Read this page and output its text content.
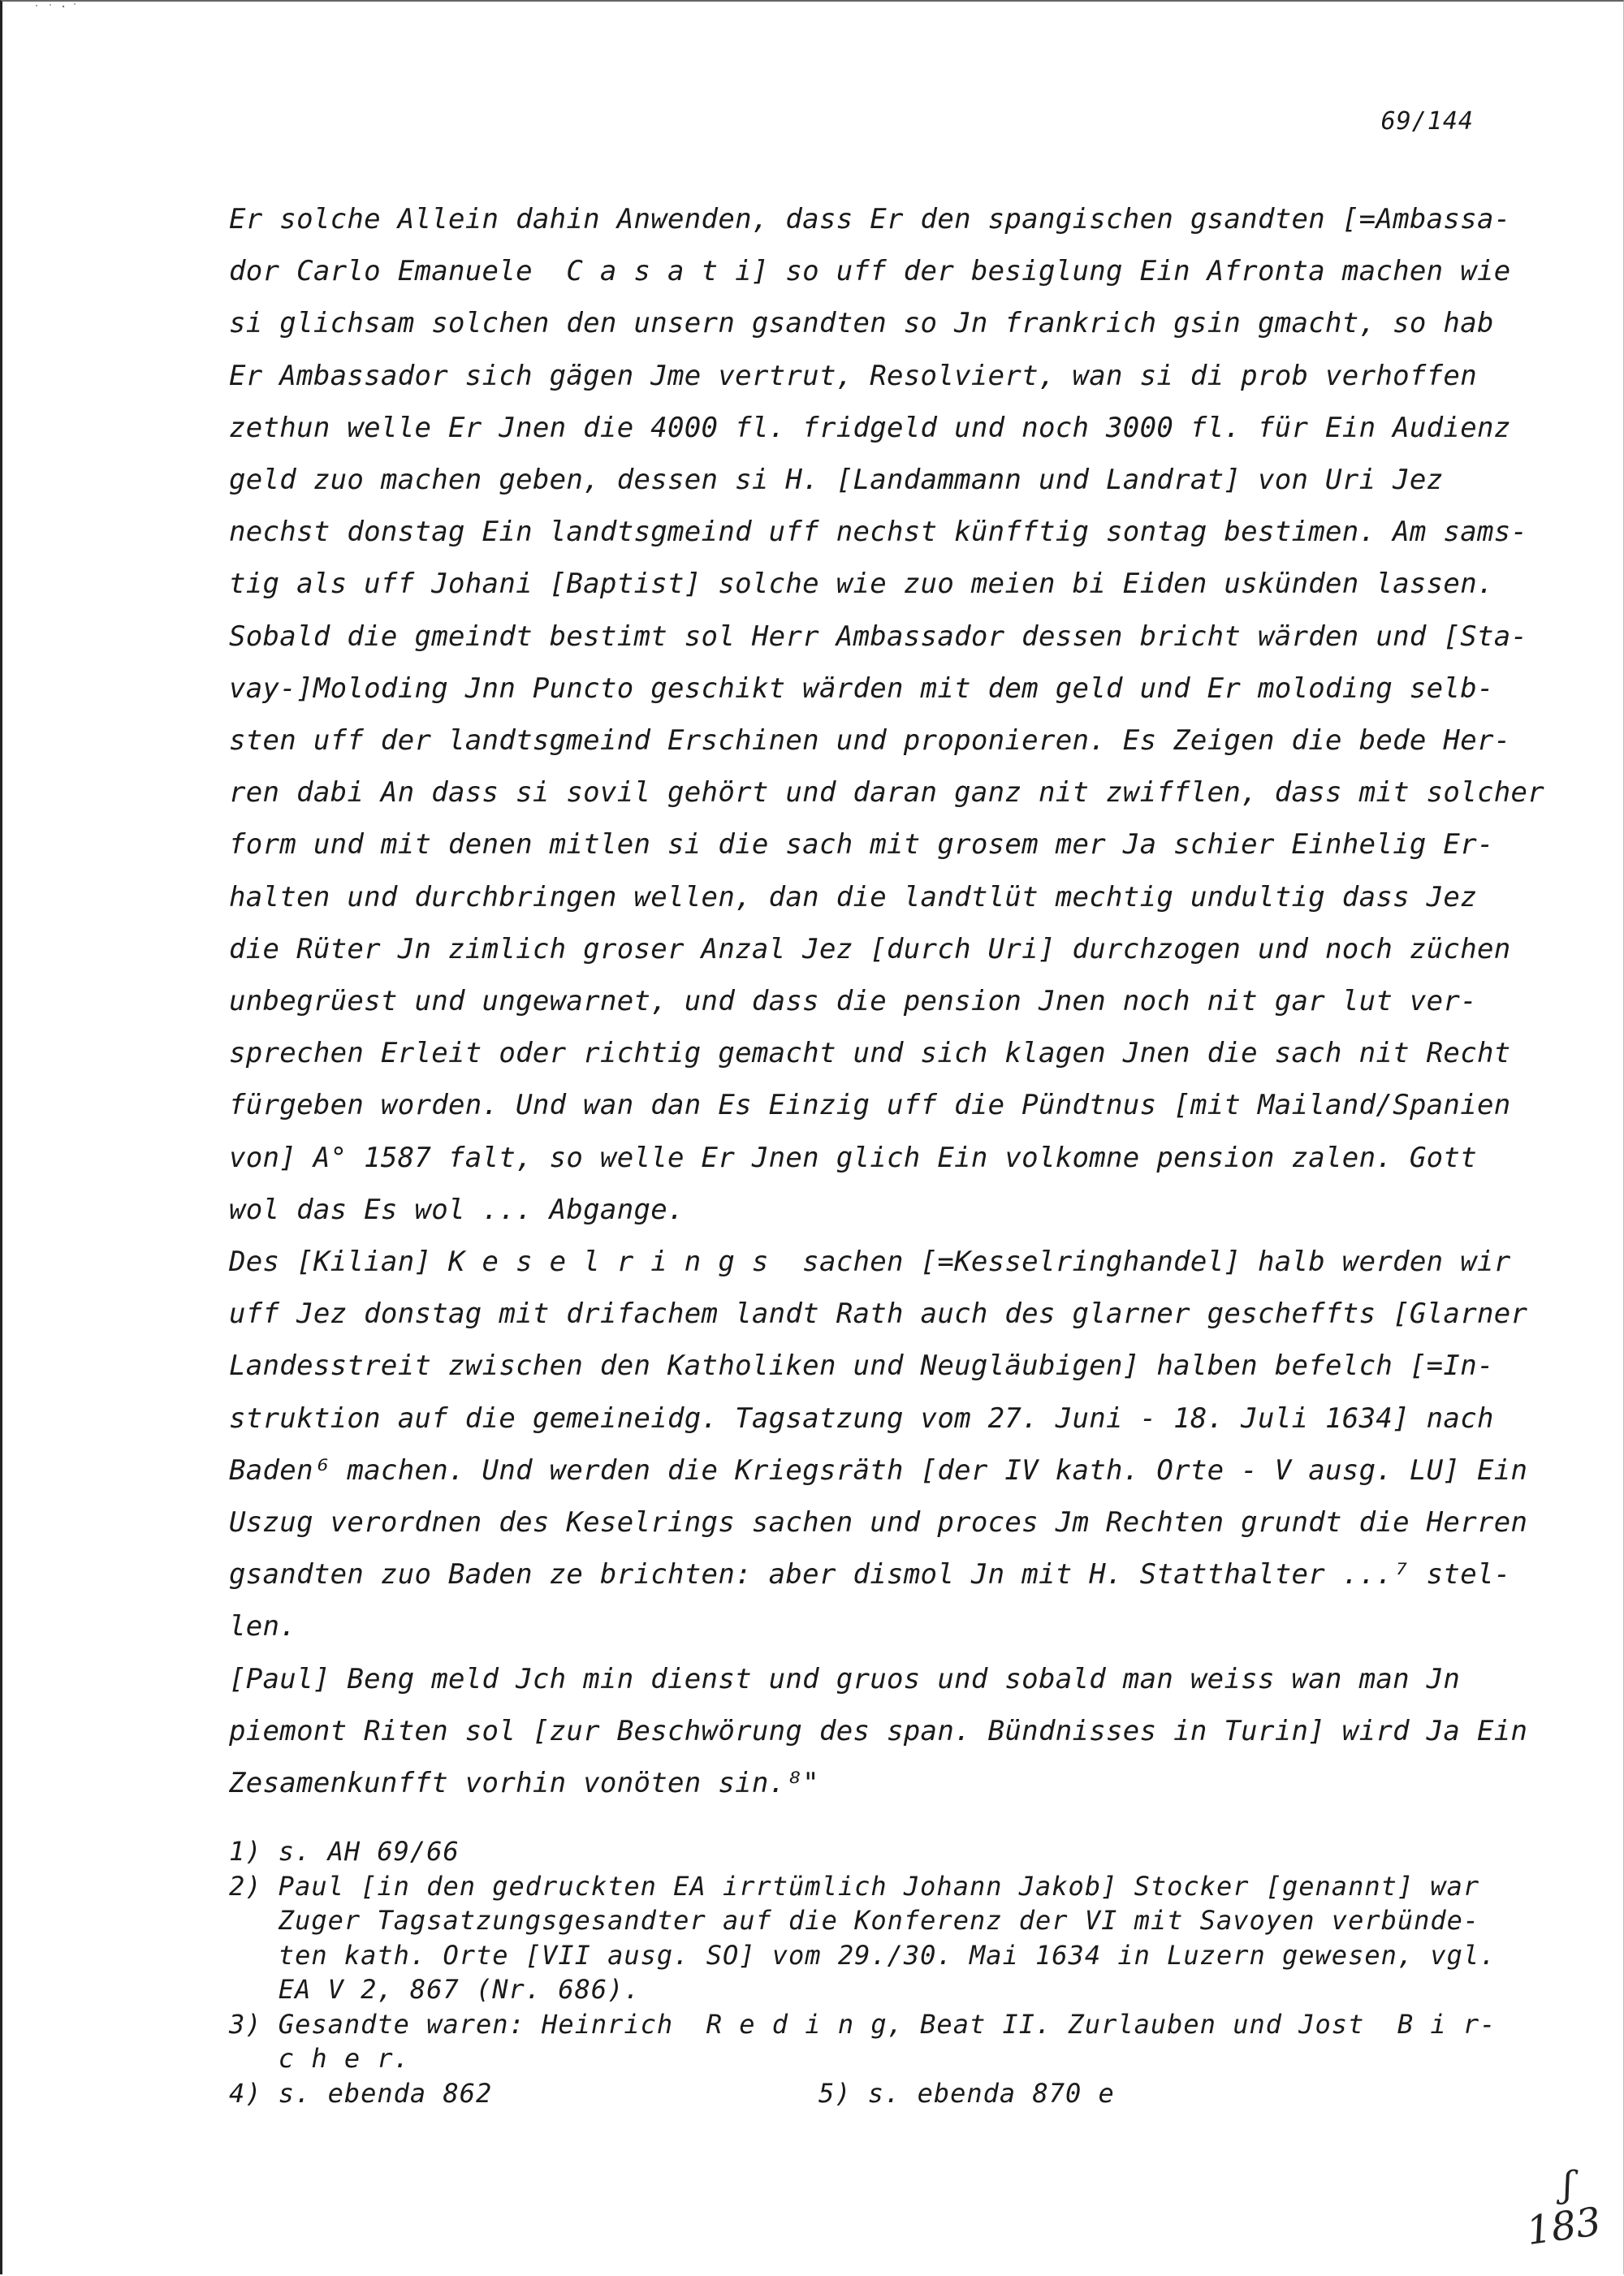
69/144
Er solche Allein dahin Anwenden, dass Er den spangischen gsandten [=Ambassa-
dor Carlo Emanuele  C a s a t i] so uff der besiglung Ein Afronta machen wie
si glichsam solchen den unsern gsandten so Jn frankrich gsin gmacht, so hab
Er Ambassador sich gägen Jme vertrut, Resolviert, wan si di prob verhoffen
zethun welle Er Jnen die 4000 fl. fridgeld und noch 3000 fl. für Ein Audienz
geld zuo machen geben, dessen si H. [Landammann und Landrat] von Uri Jez
nechst donstag Ein landtsgmeind uff nechst künfftig sontag bestimen. Am sams-
tig als uff Johani [Baptist] solche wie zuo meien bi Eiden uskünden lassen.
Sobald die gmeindt bestimt sol Herr Ambassador dessen bricht wärden und [Sta-
vay-]Moloding Jnn Puncto geschikt wärden mit dem geld und Er moloding selb-
sten uff der landtsgmeind Erschinen und proponieren. Es Zeigen die bede Her-
ren dabi An dass si sovil gehört und daran ganz nit zwifflen, dass mit solcher
form und mit denen mitlen si die sach mit grosem mer Ja schier Einhelig Er-
halten und durchbringen wellen, dan die landtlüt mechtig undultig dass Jez
die Rüter Jn zimlich groser Anzal Jez [durch Uri] durchzogen und noch züchen
unbegrüest und ungewarnet, und dass die pension Jnen noch nit gar lut ver-
sprechen Erleit oder richtig gemacht und sich klagen Jnen die sach nit Recht
fürgeben worden. Und wan dan Es Einzig uff die Pündtnus [mit Mailand/Spanien
von] A° 1587 falt, so welle Er Jnen glich Ein volkomne pension zalen. Gott
wol das Es wol ... Abgange.
Des [Kilian] K e s e l r i n g s  sachen [=Kesselringhandel] halb werden wir
uff Jez donstag mit drifachem landt Rath auch des glarner gescheffts [Glarner
Landesstreit zwischen den Katholiken und Neugläubigen] halben befelch [=In-
struktion auf die gemeineidg. Tagsatzung vom 27. Juni - 18. Juli 1634] nach
Baden⁶ machen. Und werden die Kriegsräth [der IV kath. Orte - V ausg. LU] Ein
Uszug verordnen des Keselrings sachen und proces Jm Rechten grundt die Herren
gsandten zuo Baden ze brichten: aber dismol Jn mit H. Statthalter ...⁷ stel-
len.
[Paul] Beng meld Jch min dienst und gruos und sobald man weiss wan man Jn
piemont Riten sol [zur Beschwörung des span. Bündnisses in Turin] wird Ja Ein
Zesamenkunfft vorhin vonöten sin.⁸"
1) s. AH 69/66
2) Paul [in den gedruckten EA irrtümlich Johann Jakob] Stocker [genannt] war
Zuger Tagsatzungsgesandter auf die Konferenz der VI mit Savoyen verbünde-
ten kath. Orte [VII ausg. SO] vom 29./30. Mai 1634 in Luzern gewesen, vgl.
EA V 2, 867 (Nr. 686).
3) Gesandte waren: Heinrich  R e d i n g, Beat II. Zurlauben und Jost  B i r-
c h e r.
4) s. ebenda 862	5) s. ebenda 870 e
ʃ
183
